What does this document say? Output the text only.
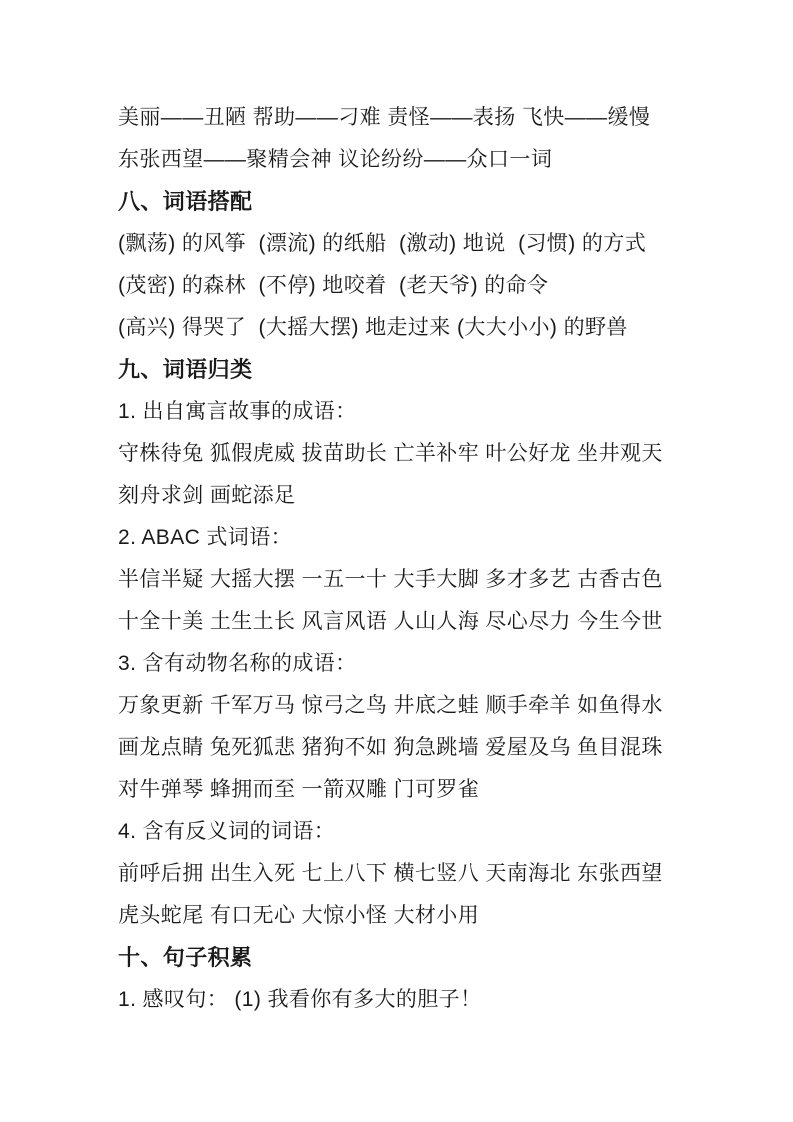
美丽——丑陋 帮助——刁难 责怪——表扬 飞快——缓慢
东张西望——聚精会神 议论纷纷——众口一词
八、词语搭配
(飘荡) 的风筝  (漂流) 的纸船  (激动) 地说  (习惯) 的方式
(茂密) 的森林  (不停) 地咬着  (老天爷) 的命令
(高兴) 得哭了  (大摇大摆) 地走过来 (大大小小) 的野兽
九、词语归类
1. 出自寓言故事的成语：
守株待兔 狐假虎威 拔苗助长 亡羊补牢 叶公好龙 坐井观天
刻舟求剑 画蛇添足
2. ABAC 式词语：
半信半疑 大摇大摆 一五一十 大手大脚 多才多艺 古香古色
十全十美 土生土长 风言风语 人山人海 尽心尽力 今生今世
3. 含有动物名称的成语：
万象更新 千军万马 惊弓之鸟 井底之蛙 顺手牵羊 如鱼得水
画龙点睛 兔死狐悲 猪狗不如 狗急跳墙 爱屋及乌 鱼目混珠
对牛弹琴 蜂拥而至 一箭双雕 门可罗雀
4. 含有反义词的词语：
前呼后拥 出生入死 七上八下 横七竖八 天南海北 东张西望
虎头蛇尾 有口无心 大惊小怪 大材小用
十、句子积累
1. 感叹句： (1) 我看你有多大的胆子！
